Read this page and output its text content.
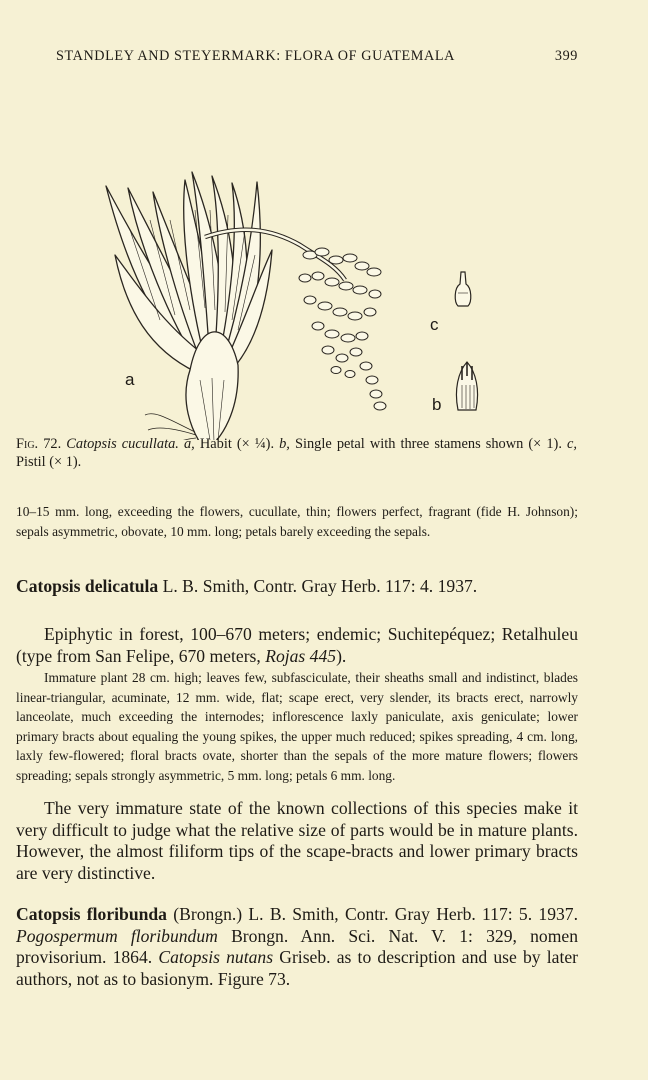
STANDLEY AND STEYERMARK: FLORA OF GUATEMALA	399
a
c
b
Fig. 72. Catopsis cucullata. a, Habit (× ¼). b, Single petal with three stamens shown (× 1). c, Pistil (× 1).

10–15 mm. long, exceeding the flowers, cucullate, thin; flowers perfect, fragrant (fide H. Johnson); sepals asymmetric, obovate, 10 mm. long; petals barely exceeding the sepals.

Catopsis delicatula L. B. Smith, Contr. Gray Herb. 117: 4. 1937.

Epiphytic in forest, 100–670 meters; endemic; Suchitepéquez; Retalhuleu (type from San Felipe, 670 meters, Rojas 445).

Immature plant 28 cm. high; leaves few, subfasciculate, their sheaths small and indistinct, blades linear-triangular, acuminate, 12 mm. wide, flat; scape erect, very slender, its bracts erect, narrowly lanceolate, much exceeding the internodes; inflorescence laxly paniculate, axis geniculate; lower primary bracts about equaling the young spikes, the upper much reduced; spikes spreading, 4 cm. long, laxly few-flowered; floral bracts ovate, shorter than the sepals of the more mature flowers; flowers spreading; sepals strongly asymmetric, 5 mm. long; petals 6 mm. long.

The very immature state of the known collections of this species make it very difficult to judge what the relative size of parts would be in mature plants. However, the almost filiform tips of the scape-bracts and lower primary bracts are very distinctive.

Catopsis floribunda (Brongn.) L. B. Smith, Contr. Gray Herb. 117: 5. 1937. Pogospermum floribundum Brongn. Ann. Sci. Nat. V. 1: 329, nomen provisorium. 1864. Catopsis nutans Griseb. as to description and use by later authors, not as to basionym. Figure 73.
